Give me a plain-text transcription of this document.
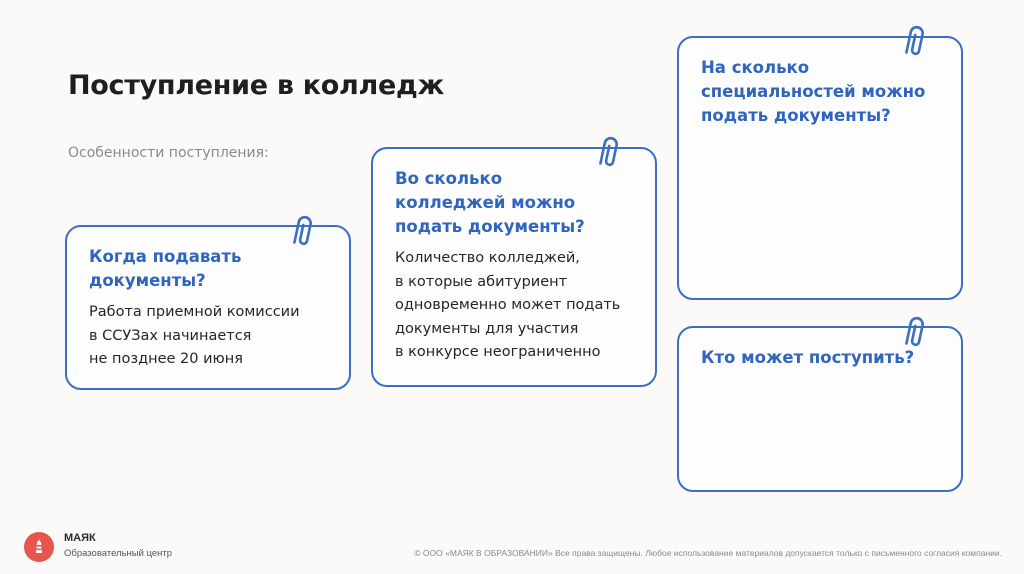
Поступление в колледж
Особенности поступления:

Когда подавать
документы?

Работа приемной комиссии
в ССУЗах начинается
не позднее 20 июня

Во сколько
колледжей можно
подать документы?

Количество колледжей,
в которые абитуриент
одновременно может подать
документы для участия
в конкурсе неограниченно

На сколько
специальностей можно
подать документы?

Кто может поступить?

МАЯК
Образовательный центр	© ООО «МАЯК В ОБРАЗОВАНИИ» Все права защищены. Любое использование материалов допускается только с письменного согласия компании.
